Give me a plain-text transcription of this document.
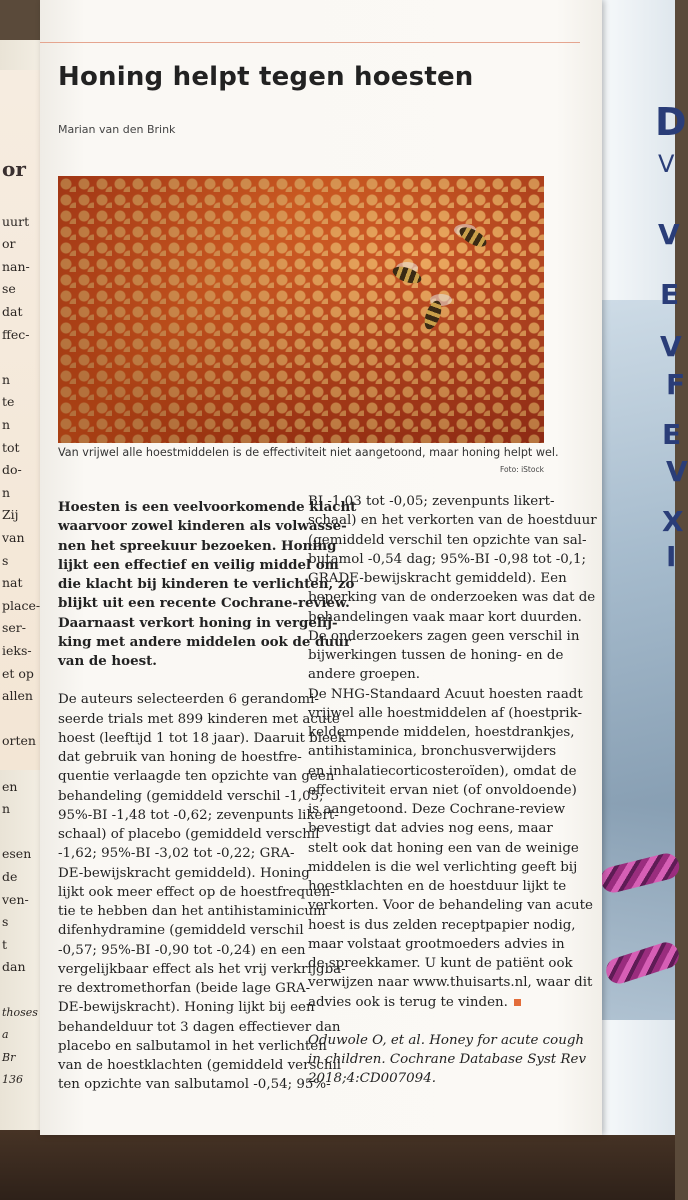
D
V
V
E
V
F
E
V
X
I
or
uurt
or
nan-
se
dat
ffec-
n
te
n
tot
do-
n
Zij
van
s
nat
place-
ser-
ieks-
et op
allen
orten
en
n
esen
de
ven-
s
t
dan
thoses
a
Br
136
Honing helpt tegen hoesten
Marian van den Brink
Van vrijwel alle hoestmiddelen is de effectiviteit niet aangetoond, maar honing helpt wel.
Foto: iStock
Hoesten is een veelvoorkomende klacht
waarvoor zowel kinderen als volwasse-
nen het spreekuur bezoeken. Honing
lijkt een effectief en veilig middel om
die klacht bij kinderen te verlichten, zo
blijkt uit een recente Cochrane-review.
Daarnaast verkort honing in vergelij-
king met andere middelen ook de duur
van de hoest.
De auteurs selecteerden 6 gerandomi-
seerde trials met 899 kinderen met acute
hoest (leeftijd 1 tot 18 jaar). Daaruit bleek
dat gebruik van honing de hoestfre-
quentie verlaagde ten opzichte van geen
behandeling (gemiddeld verschil -1,05;
95%-BI -1,48 tot -0,62; zevenpunts likert-
schaal) of placebo (gemiddeld verschil
-1,62; 95%-BI -3,02 tot -0,22; GRA-
DE-bewijskracht gemiddeld). Honing
lijkt ook meer effect op de hoestfrequen-
tie te hebben dan het antihistaminicum
difenhydramine (gemiddeld verschil
-0,57; 95%-BI -0,90 tot -0,24) en een
vergelijkbaar effect als het vrij verkrijgba-
re dextromethorfan (beide lage GRA-
DE-bewijskracht). Honing lijkt bij een
behandelduur tot 3 dagen effectiever dan
placebo en salbutamol in het verlichten
van de hoestklachten (gemiddeld verschil
ten opzichte van salbutamol -0,54; 95%-
BI -1,03 tot -0,05; zevenpunts likert-
schaal) en het verkorten van de hoestduur
(gemiddeld verschil ten opzichte van sal-
butamol -0,54 dag; 95%-BI -0,98 tot -0,1;
GRADE-bewijskracht gemiddeld). Een
beperking van de onderzoeken was dat de
behandelingen vaak maar kort duurden.
De onderzoekers zagen geen verschil in
bijwerkingen tussen de honing- en de
andere groepen.
De NHG-Standaard Acuut hoesten raadt
vrijwel alle hoestmiddelen af (hoestprik-
keldempende middelen, hoestdrankjes,
antihistaminica, bronchusverwijders
en inhalatiecorticosteroïden), omdat de
effectiviteit ervan niet (of onvoldoende)
is aangetoond. Deze Cochrane-review
bevestigt dat advies nog eens, maar
stelt ook dat honing een van de weinige
middelen is die wel verlichting geeft bij
hoestklachten en de hoestduur lijkt te
verkorten. Voor de behandeling van acute
hoest is dus zelden receptpapier nodig,
maar volstaat grootmoeders advies in
de spreekkamer. U kunt de patiënt ook
verwijzen naar www.thuisarts.nl, waar dit
advies ook is terug te vinden.
Oduwole O, et al. Honey for acute cough
in children. Cochrane Database Syst Rev
2018;4:CD007094.
